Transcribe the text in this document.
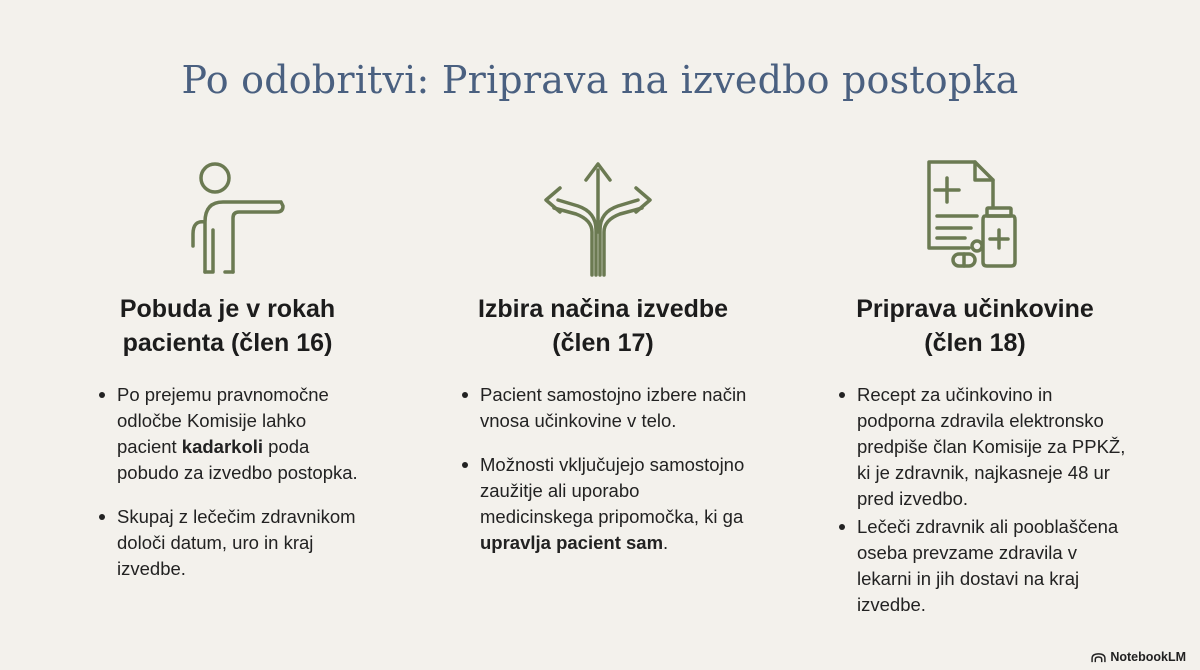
Po odobritvi: Priprava na izvedbo postopka
Pobuda je v rokah
pacienta (člen 16)
Po prejemu pravnomočne odločbe Komisije lahko pacient kadarkoli poda pobudo za izvedbo postopka.
Skupaj z lečečim zdravnikom določi datum, uro in kraj izvedbe.
Izbira načina izvedbe
(člen 17)
Pacient samostojno izbere način vnosa učinkovine v telo.
Možnosti vključujejo samostojno zaužitje ali uporabo medicinskega pripomočka, ki ga upravlja pacient sam.
Priprava učinkovine
(člen 18)
Recept za učinkovino in podporna zdravila elektronsko predpiše član Komisije za PPKŽ, ki je zdravnik, najkasneje 48 ur pred izvedbo.
Lečeči zdravnik ali pooblaščena oseba prevzame zdravila v lekarni in jih dostavi na kraj izvedbe.
NotebookLM
